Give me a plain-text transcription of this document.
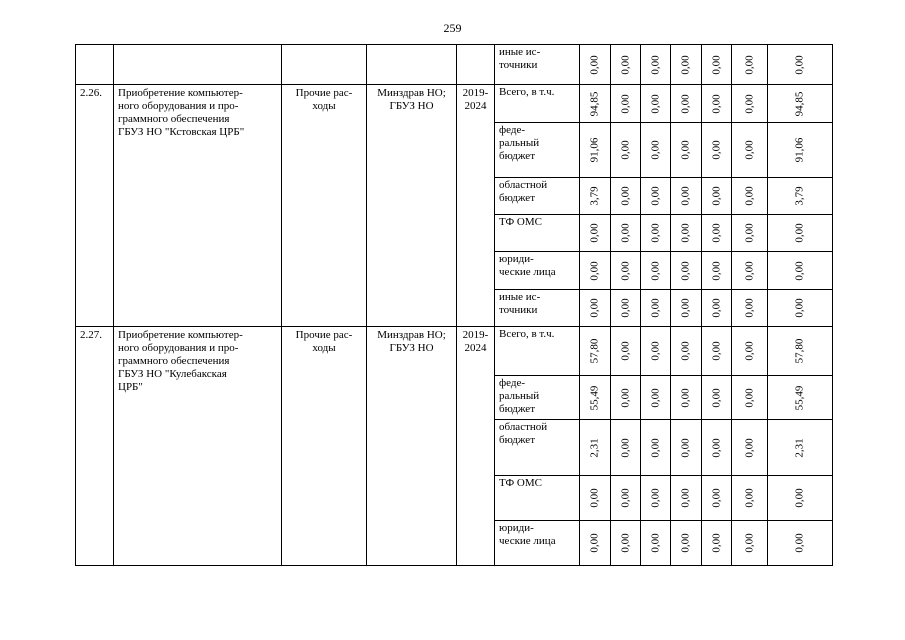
259
					иные ис-
точники	0,00	0,00	0,00	0,00	0,00	0,00	0,00

2.26.	Приобретение компьютер-
ного оборудования и про-
граммного обеспечения
ГБУЗ НО "Кстовская ЦРБ"	Прочие рас-
ходы	Минздрав НО;
ГБУЗ НО	2019-
2024	Всего, в т.ч.	94,85	0,00	0,00	0,00	0,00	0,00	94,85

					феде-
ральный
бюджет	91,06	0,00	0,00	0,00	0,00	0,00	91,06

					областной
бюджет	3,79	0,00	0,00	0,00	0,00	0,00	3,79

					ТФ ОМС	0,00	0,00	0,00	0,00	0,00	0,00	0,00

					юриди-
ческие лица	0,00	0,00	0,00	0,00	0,00	0,00	0,00

					иные ис-
точники	0,00	0,00	0,00	0,00	0,00	0,00	0,00

2.27.	Приобретение компьютер-
ного оборудования и про-
граммного обеспечения
ГБУЗ НО "Кулебакская
ЦРБ"	Прочие рас-
ходы	Минздрав НО;
ГБУЗ НО	2019-
2024	Всего, в т.ч.	57,80	0,00	0,00	0,00	0,00	0,00	57,80

					феде-
ральный
бюджет	55,49	0,00	0,00	0,00	0,00	0,00	55,49

					областной
бюджет	2,31	0,00	0,00	0,00	0,00	0,00	2,31

					ТФ ОМС	0,00	0,00	0,00	0,00	0,00	0,00	0,00

					юриди-
ческие лица	0,00	0,00	0,00	0,00	0,00	0,00	0,00
